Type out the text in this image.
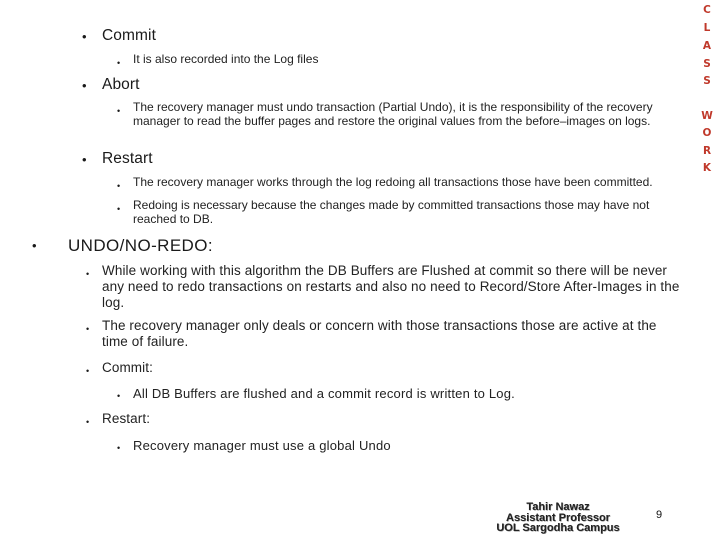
• Commit
• It is also recorded into the Log files
• Abort
• The recovery manager must undo transaction (Partial Undo), it is the responsibility of the recovery manager to read the buffer pages and restore the original values from the before–images on logs.
• Restart
• The recovery manager works through the log redoing all transactions those have been committed.
• Redoing is necessary because the changes made by committed transactions those may have not reached to DB.
• UNDO/NO-REDO:
• While working with this algorithm the DB Buffers are Flushed at commit so there will be never any need to redo transactions on restarts and also no need to Record/Store After-Images in the log.
• The recovery manager only deals or concern with those transactions those are active at the time of failure.
• Commit:
• All DB Buffers are flushed and a commit record is written to Log.
• Restart:
• Recovery manager must use a global Undo
C
L
A
S
S
W
O
R
K
Tahir Nawaz
Assistant Professor
UOL Sargodha Campus
9
